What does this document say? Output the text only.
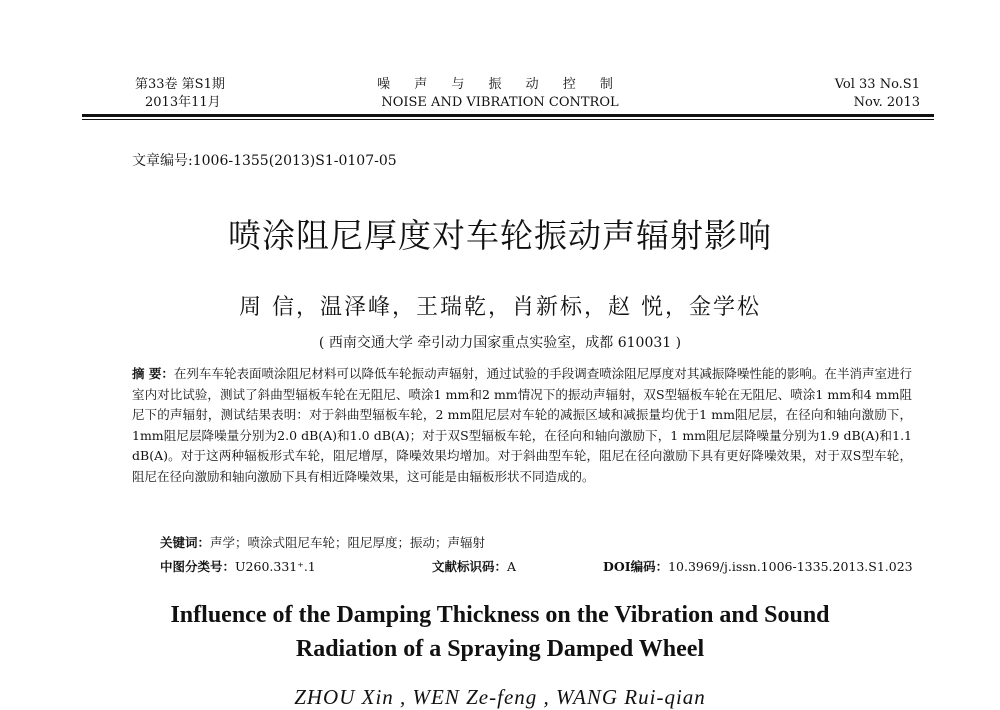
第33卷 第S1期
2013年11月
噪 声 与 振 动 控 制
NOISE AND VIBRATION CONTROL
Vol 33 No.S1
Nov. 2013
文章编号:1006-1355(2013)S1-0107-05
喷涂阻尼厚度对车轮振动声辐射影响
周 信，温泽峰，王瑞乾，肖新标，赵 悦，金学松
( 西南交通大学 牵引动力国家重点实验室，成都 610031 )
摘 要：在列车车轮表面喷涂阻尼材料可以降低车轮振动声辐射，通过试验的手段调查喷涂阻尼厚度对其减振降噪性能的影响。在半消声室进行室内对比试验，测试了斜曲型辐板车轮在无阻尼、喷涂1 mm和2 mm情况下的振动声辐射，双S型辐板车轮在无阻尼、喷涂1 mm和4 mm阻尼下的声辐射，测试结果表明：对于斜曲型辐板车轮，2 mm阻尼层对车轮的减振区域和减振量均优于1 mm阻尼层，在径向和轴向激励下，1mm阻尼层降噪量分别为2.0 dB(A)和1.0 dB(A)；对于双S型辐板车轮，在径向和轴向激励下，1 mm阻尼层降噪量分别为1.9 dB(A)和1.1 dB(A)。对于这两种辐板形式车轮，阻尼增厚，降噪效果均增加。对于斜曲型车轮，阻尼在径向激励下具有更好降噪效果，对于双S型车轮，阻尼在径向激励和轴向激励下具有相近降噪效果，这可能是由辐板形状不同造成的。
关键词：声学；喷涂式阻尼车轮；阻尼厚度；振动；声辐射
中图分类号：U260.331⁺.1	文献标识码：A	DOI编码：10.3969/j.issn.1006-1335.2013.S1.023
Influence of the Damping Thickness on the Vibration and Sound
Radiation of a Spraying Damped Wheel
ZHOU Xin , WEN Ze-feng , WANG Rui-qian
